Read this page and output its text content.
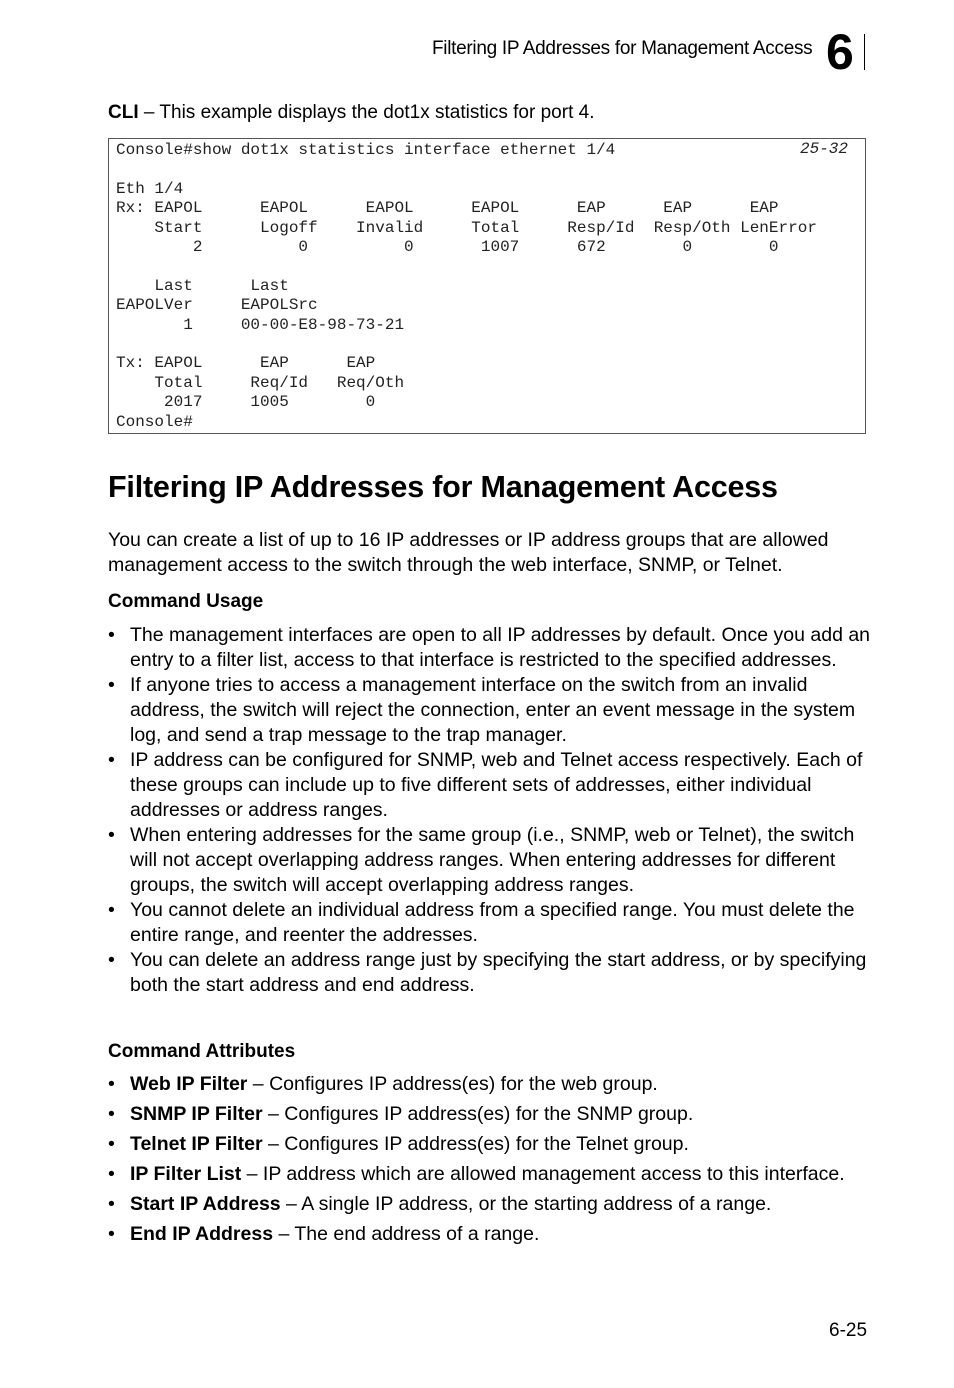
Filtering IP Addresses for Management Access 6

CLI – This example displays the dot1x statistics for port 4.

Console#show dot1x statistics interface ethernet 1/4

Eth 1/4
Rx: EAPOL      EAPOL      EAPOL      EAPOL      EAP      EAP      EAP
Start      Logoff    Invalid     Total     Resp/Id  Resp/Oth LenError
2          0          0       1007      672        0        0

Last      Last
EAPOLVer     EAPOLSrc
1     00-00-E8-98-73-21

Tx: EAPOL      EAP      EAP
Total     Req/Id   Req/Oth
2017     1005        0
Console#
25-32
Filtering IP Addresses for Management Access

You can create a list of up to 16 IP addresses or IP address groups that are allowed management access to the switch through the web interface, SNMP, or Telnet.

Command Usage

• The management interfaces are open to all IP addresses by default. Once you add an entry to a filter list, access to that interface is restricted to the specified addresses.
• If anyone tries to access a management interface on the switch from an invalid address, the switch will reject the connection, enter an event message in the system log, and send a trap message to the trap manager.
• IP address can be configured for SNMP, web and Telnet access respectively. Each of these groups can include up to five different sets of addresses, either individual addresses or address ranges.
• When entering addresses for the same group (i.e., SNMP, web or Telnet), the switch will not accept overlapping address ranges. When entering addresses for different groups, the switch will accept overlapping address ranges.
• You cannot delete an individual address from a specified range. You must delete the entire range, and reenter the addresses.
• You can delete an address range just by specifying the start address, or by specifying both the start address and end address.

Command Attributes

• Web IP Filter – Configures IP address(es) for the web group.
• SNMP IP Filter – Configures IP address(es) for the SNMP group.
• Telnet IP Filter – Configures IP address(es) for the Telnet group.
• IP Filter List – IP address which are allowed management access to this interface.
• Start IP Address – A single IP address, or the starting address of a range.
• End IP Address – The end address of a range.
6-25
